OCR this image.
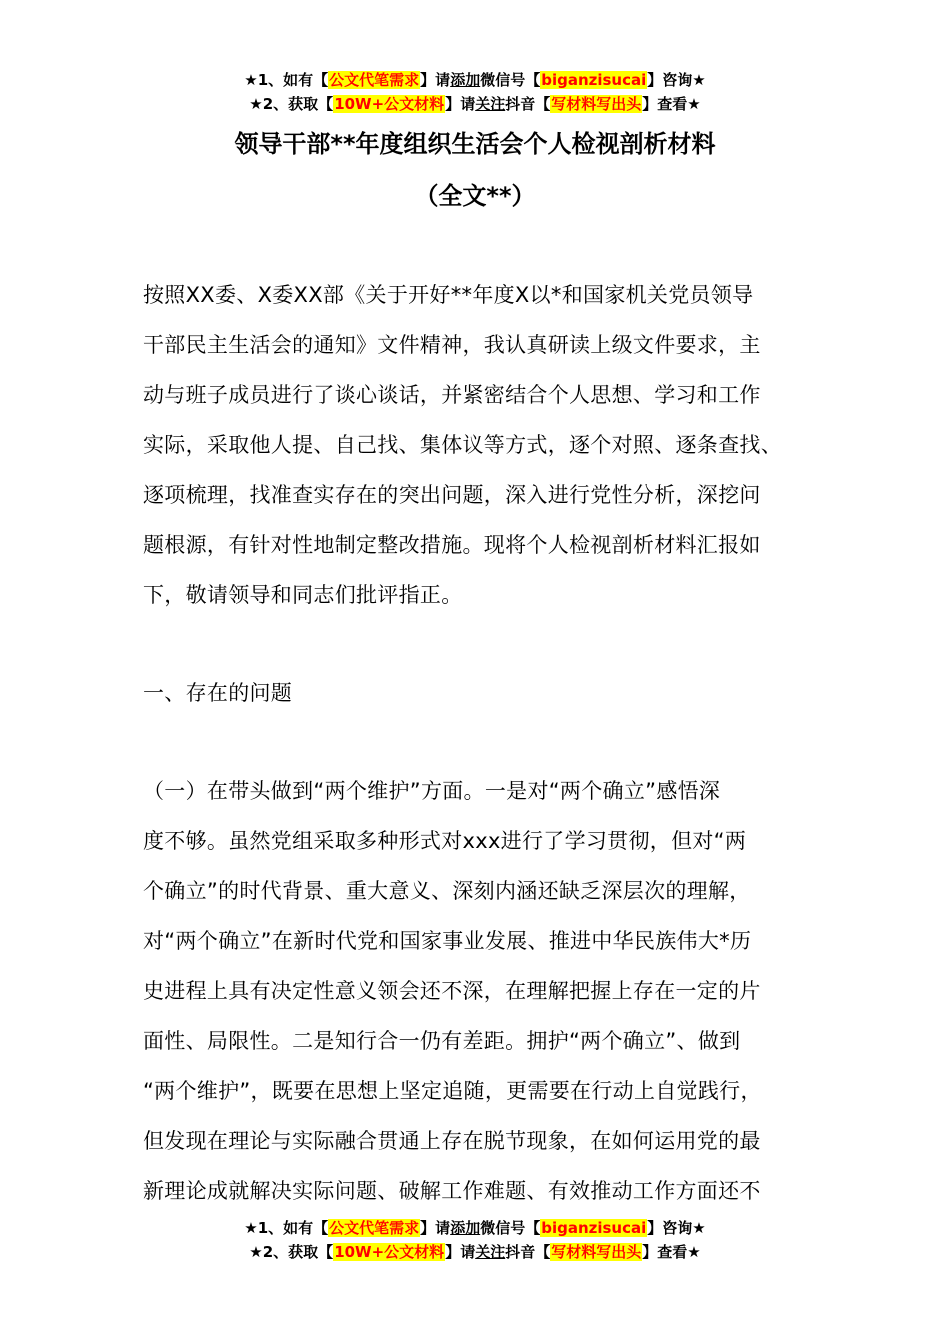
★1、如有【公文代笔需求】请添加微信号【biganzisucai】咨询★
★2、获取【10W+公文材料】请关注抖音【写材料写出头】查看★
领导干部**年度组织生活会个人检视剖析材料
（全文**）
按照XX委、X委XX部《关于开好**年度X以*和国家机关党员领导
干部民主生活会的通知》文件精神，我认真研读上级文件要求，主
动与班子成员进行了谈心谈话，并紧密结合个人思想、学习和工作
实际，采取他人提、自己找、集体议等方式，逐个对照、逐条查找、
逐项梳理，找准查实存在的突出问题，深入进行党性分析，深挖问
题根源，有针对性地制定整改措施。现将个人检视剖析材料汇报如
下，敬请领导和同志们批评指正。
一、存在的问题
（一）在带头做到“两个维护”方面。一是对“两个确立”感悟深
度不够。虽然党组采取多种形式对xxx进行了学习贯彻，但对“两
个确立”的时代背景、重大意义、深刻内涵还缺乏深层次的理解，
对“两个确立”在新时代党和国家事业发展、推进中华民族伟大*历
史进程上具有决定性意义领会还不深，在理解把握上存在一定的片
面性、局限性。二是知行合一仍有差距。拥护“两个确立”、做到
“两个维护”，既要在思想上坚定追随，更需要在行动上自觉践行，
但发现在理论与实际融合贯通上存在脱节现象，在如何运用党的最
新理论成就解决实际问题、破解工作难题、有效推动工作方面还不
★1、如有【公文代笔需求】请添加微信号【biganzisucai】咨询★
★2、获取【10W+公文材料】请关注抖音【写材料写出头】查看★
